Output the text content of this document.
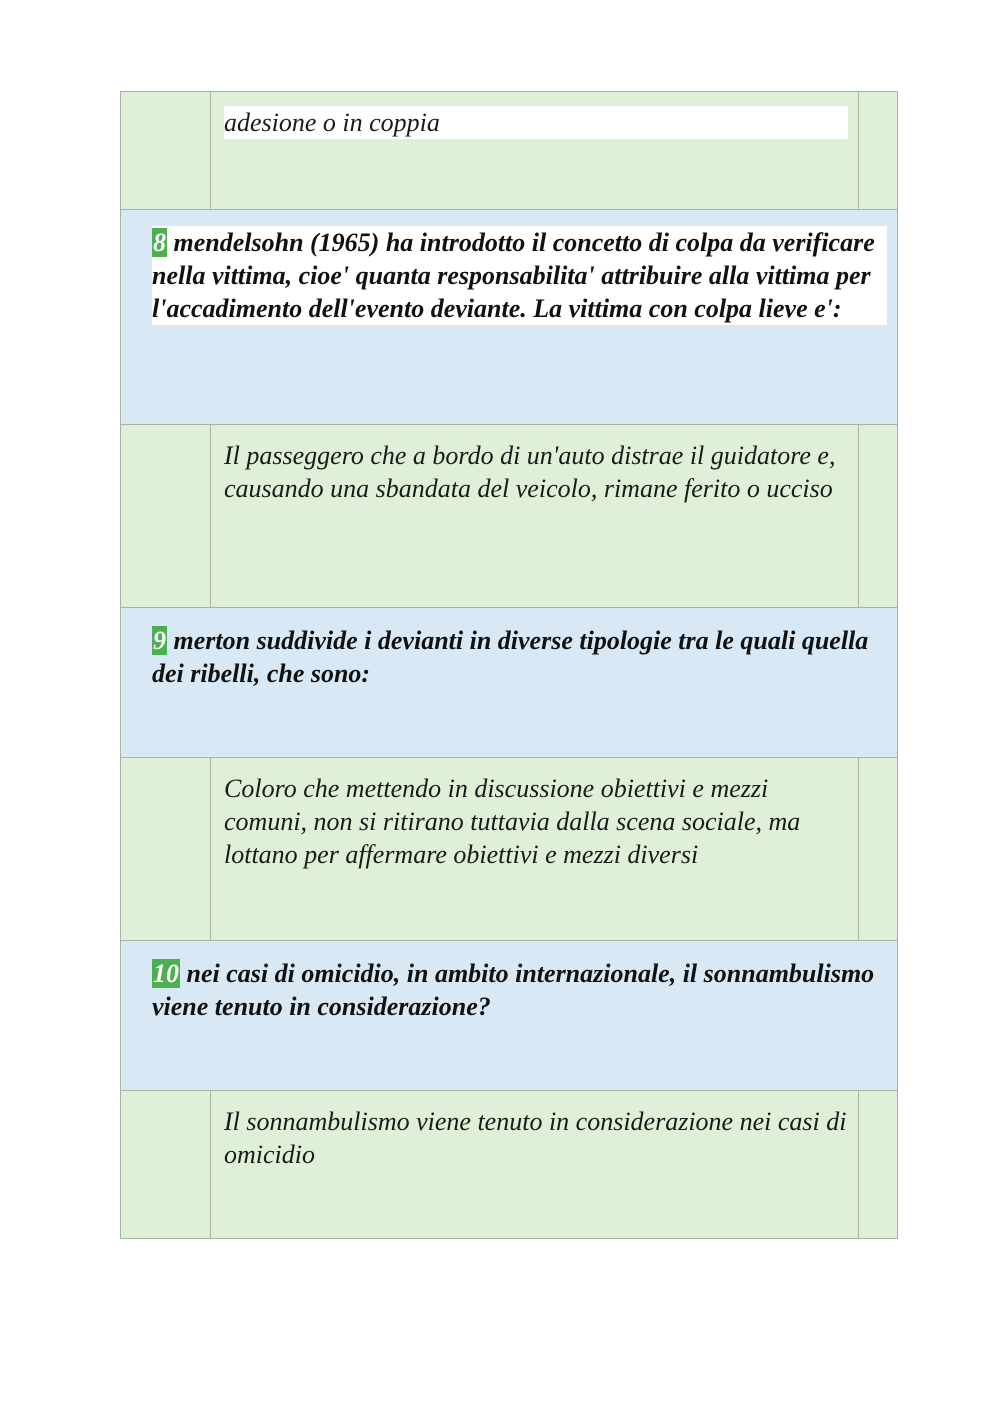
adesione o in coppia
8 mendelsohn (1965) ha introdotto il concetto di colpa da verificare nella vittima, cioe' quanta responsabilita' attribuire alla vittima per l'accadimento dell'evento deviante. La vittima con colpa lieve e':
Il passeggero che a bordo di un'auto distrae il guidatore e, causando una sbandata del veicolo, rimane ferito o ucciso
9 merton suddivide i devianti in diverse tipologie tra le quali quella dei ribelli, che sono:
Coloro che mettendo in discussione obiettivi e mezzi comuni, non si ritirano tuttavia dalla scena sociale, ma lottano per affermare obiettivi e mezzi diversi
10 nei casi di omicidio, in ambito internazionale, il sonnambulismo viene tenuto in considerazione?
Il sonnambulismo viene tenuto in considerazione nei casi di omicidio
